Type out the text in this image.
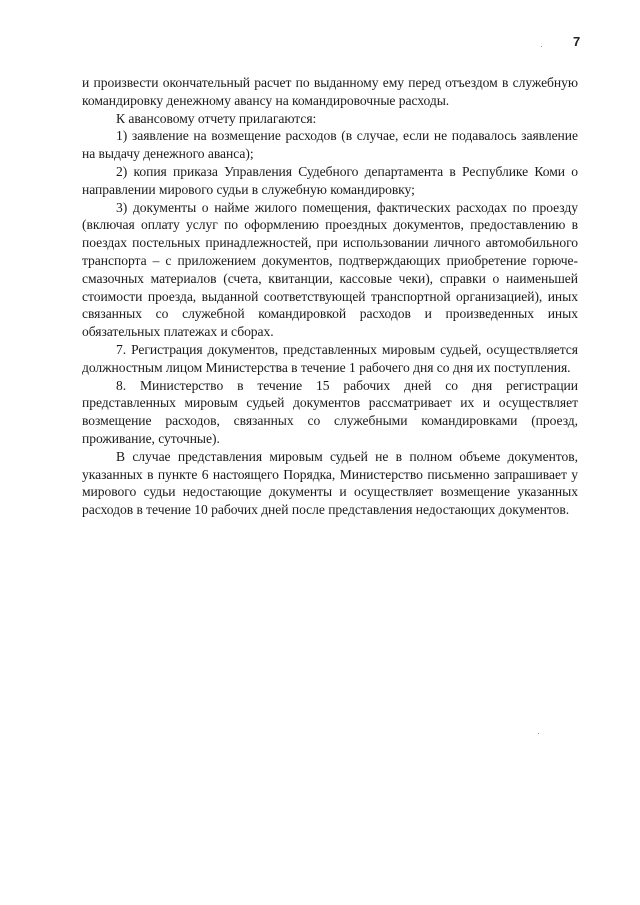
7

и произвести окончательный расчет по выданному ему перед отъездом в служебную командировку денежному авансу на командировочные расходы.

К авансовому отчету прилагаются:

1) заявление на возмещение расходов (в случае, если не подавалось заявление на выдачу денежного аванса);

2) копия приказа Управления Судебного департамента в Республике Коми о направлении мирового судьи в служебную командировку;

3) документы о найме жилого помещения, фактических расходах по проезду (включая оплату услуг по оформлению проездных документов, предоставлению в поездах постельных принадлежностей, при использовании личного автомобильного транспорта – с приложением документов, подтверждающих приобретение горюче-смазочных материалов (счета, квитанции, кассовые чеки), справки о наименьшей стоимости проезда, выданной соответствующей транспортной организацией), иных связанных со служебной командировкой расходов и произведенных иных обязательных платежах и сборах.

7. Регистрация документов, представленных мировым судьей, осуществляется должностным лицом Министерства в течение 1 рабочего дня со дня их поступления.

8. Министерство в течение 15 рабочих дней со дня регистрации представленных мировым судьей документов рассматривает их и осуществляет возмещение расходов, связанных со служебными командировками (проезд, проживание, суточные).

В случае представления мировым судьей не в полном объеме документов, указанных в пункте 6 настоящего Порядка, Министерство письменно запрашивает у мирового судьи недостающие документы и осуществляет возмещение указанных расходов в течение 10 рабочих дней после представления недостающих документов.
